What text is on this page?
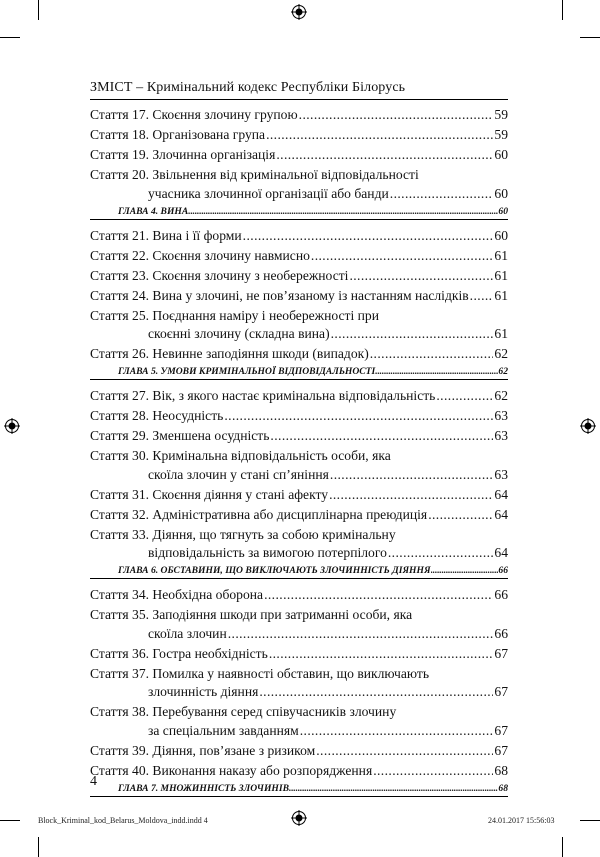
ЗМІСТ – Кримінальний кодекс Республіки Білорусь
Стаття 17. Скоєння злочину групою .....	59
Стаття 18. Організована група .....	59
Стаття 19. Злочинна організація .....	60
Стаття 20. Звільнення від кримінальної відповідальності
учасника злочинної організації або банди .....	60
ГЛАВА 4. ВИНА .....	60
Стаття 21. Вина і її форми .....	60
Стаття 22. Скоєння злочину навмисно .....	61
Стаття 23. Скоєння злочину з необережності .....	61
Стаття 24. Вина у злочині, не пов’язаному із настанням наслідків ..... 61
Стаття 25. Поєднання наміру і необережності при
скоєнні злочину (складна вина) .....	61
Стаття 26. Невинне заподіяння шкоди (випадок) .....	62
ГЛАВА 5. УМОВИ КРИМІНАЛЬНОЇ ВІДПОВІДАЛЬНОСТІ .....	62
Стаття 27. Вік, з якого настає кримінальна відповідальність .....	62
Стаття 28. Неосудність .....	63
Стаття 29. Зменшена осудність .....	63
Стаття 30. Кримінальна відповідальність особи, яка
скоїла злочин у стані сп’яніння .....	63
Стаття 31. Скоєння діяння у стані афекту .....	64
Стаття 32. Адміністративна або дисциплінарна преюдиція .....	64
Стаття 33. Діяння, що тягнуть за собою кримінальну
відповідальність за вимогою потерпілого .....	64
ГЛАВА 6. ОБСТАВИНИ, ЩО ВИКЛЮЧАЮТЬ ЗЛОЧИННІСТЬ ДІЯННЯ .....	66
Стаття 34. Необхідна оборона .....	66
Стаття 35. Заподіяння шкоди при затриманні особи, яка
скоїла злочин .....	66
Стаття 36. Гостра необхідність .....	67
Стаття 37. Помилка у наявності обставин, що виключають
злочинність діяння .....	67
Стаття 38. Перебування серед співучасників злочину
за спеціальним завданням .....	67
Стаття 39. Діяння, пов’язане з ризиком .....	67
Стаття 40. Виконання наказу або розпорядження .....	68
ГЛАВА 7. МНОЖИННІСТЬ ЗЛОЧИНІВ .....	68
4
Block_Kriminal_kod_Belarus_Moldova_indd.indd 4	24.01.2017 15:56:03
